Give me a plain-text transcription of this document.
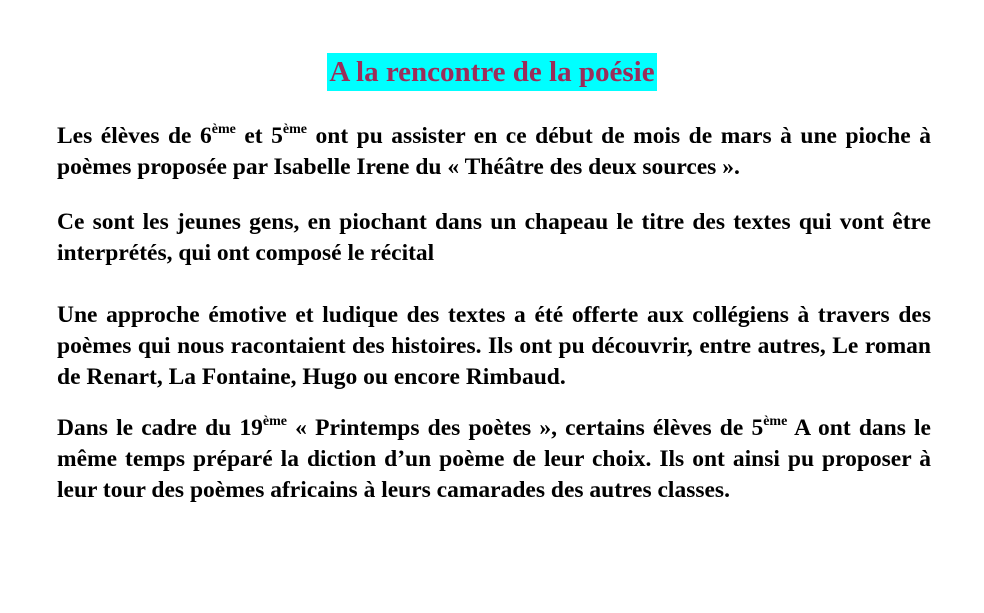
A la rencontre de la poésie

Les élèves de 6ème et 5ème ont pu assister en ce début de mois de mars à une pioche à poèmes proposée par Isabelle Irene du « Théâtre des deux sources ».

Ce sont les jeunes gens, en piochant dans un chapeau le titre des textes qui vont être interprétés, qui ont composé le récital

Une approche émotive et ludique des textes a été offerte aux collégiens à travers des poèmes qui nous racontaient des histoires. Ils ont pu découvrir, entre autres, Le roman de Renart, La Fontaine, Hugo ou encore Rimbaud.

Dans le cadre du 19ème « Printemps des poètes », certains élèves de 5ème A ont dans le même temps préparé la diction d’un poème de leur choix. Ils ont ainsi pu proposer à leur tour des poèmes africains à leurs camarades des autres classes.
